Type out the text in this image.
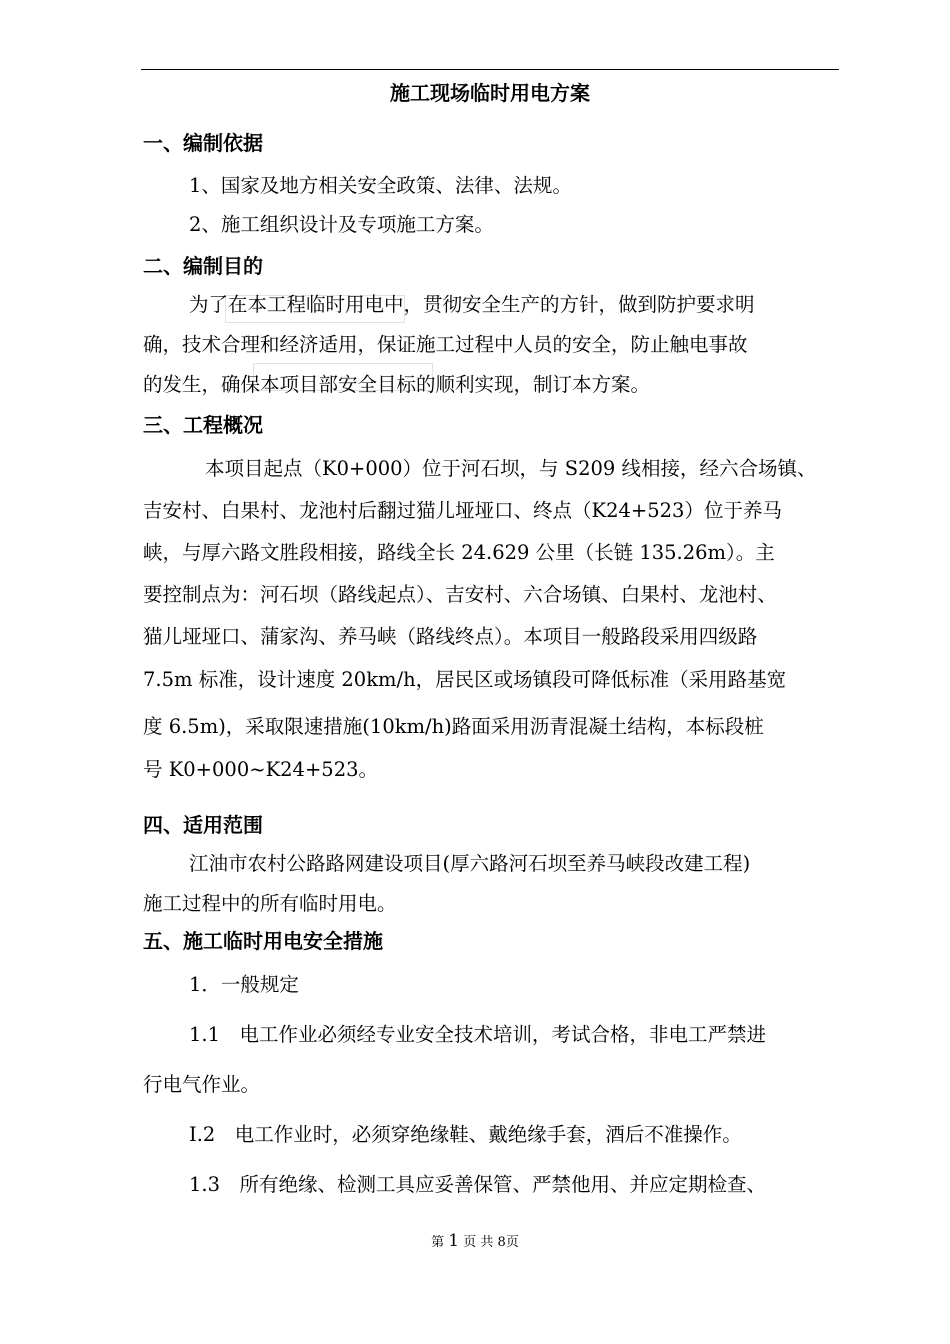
施工现场临时用电方案
一、编制依据
1、国家及地方相关安全政策、法律、法规。
2、施工组织设计及专项施工方案。
二、编制目的
为了在本工程临时用电中，贯彻安全生产的方针，做到防护要求明
确，技术合理和经济适用，保证施工过程中人员的安全，防止触电事故
的发生，确保本项目部安全目标的顺利实现，制订本方案。
三、工程概况
本项目起点（K0+000）位于河石坝，与 S209 线相接，经六合场镇、
吉安村、白果村、龙池村后翻过猫儿垭垭口、终点（K24+523）位于养马
峡，与厚六路文胜段相接，路线全长 24.629 公里（长链 135.26m）。主
要控制点为：河石坝（路线起点）、吉安村、六合场镇、白果村、龙池村、
猫儿垭垭口、蒲家沟、养马峡（路线终点）。本项目一般路段采用四级路
7.5m 标准，设计速度 20km/h，居民区或场镇段可降低标准（采用路基宽
度 6.5m)，采取限速措施(10km/h)路面采用沥青混凝土结构，本标段桩
号 K0+000~K24+523。
四、适用范围
江油市农村公路路网建设项目(厚六路河石坝至养马峡段改建工程)
施工过程中的所有临时用电。
五、施工临时用电安全措施
1．一般规定
1.1　电工作业必须经专业安全技术培训，考试合格，非电工严禁进
行电气作业。
I.2　电工作业时，必须穿绝缘鞋、戴绝缘手套，酒后不准操作。
1.3　所有绝缘、检测工具应妥善保管、严禁他用、并应定期检查、
第 1 页 共 8页
